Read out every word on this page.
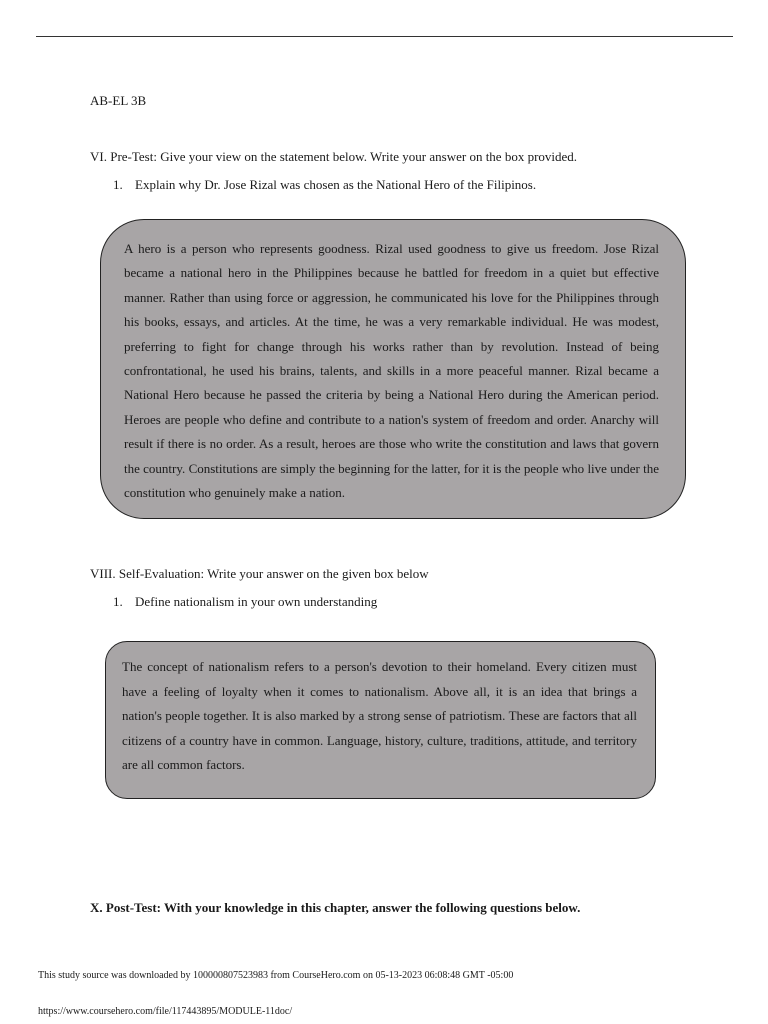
AB-EL 3B
VI. Pre-Test: Give your view on the statement below. Write your answer on the box provided.
1. Explain why Dr. Jose Rizal was chosen as the National Hero of the Filipinos.

A hero is a person who represents goodness. Rizal used goodness to give us freedom. Jose Rizal became a national hero in the Philippines because he battled for freedom in a quiet but effective manner. Rather than using force or aggression, he communicated his love for the Philippines through his books, essays, and articles. At the time, he was a very remarkable individual. He was modest, preferring to fight for change through his works rather than by revolution. Instead of being confrontational, he used his brains, talents, and skills in a more peaceful manner. Rizal became a National Hero because he passed the criteria by being a National Hero during the American period. Heroes are people who define and contribute to a nation's system of freedom and order. Anarchy will result if there is no order. As a result, heroes are those who write the constitution and laws that govern the country. Constitutions are simply the beginning for the latter, for it is the people who live under the constitution who genuinely make a nation.

VIII. Self-Evaluation: Write your answer on the given box below
1. Define nationalism in your own understanding

The concept of nationalism refers to a person's devotion to their homeland. Every citizen must have a feeling of loyalty when it comes to nationalism. Above all, it is an idea that brings a nation's people together. It is also marked by a strong sense of patriotism. These are factors that all citizens of a country have in common. Language, history, culture, traditions, attitude, and territory are all common factors.

X. Post-Test: With your knowledge in this chapter, answer the following questions below.
This study source was downloaded by 100000807523983 from CourseHero.com on 05-13-2023 06:08:48 GMT -05:00
https://www.coursehero.com/file/117443895/MODULE-11doc/
